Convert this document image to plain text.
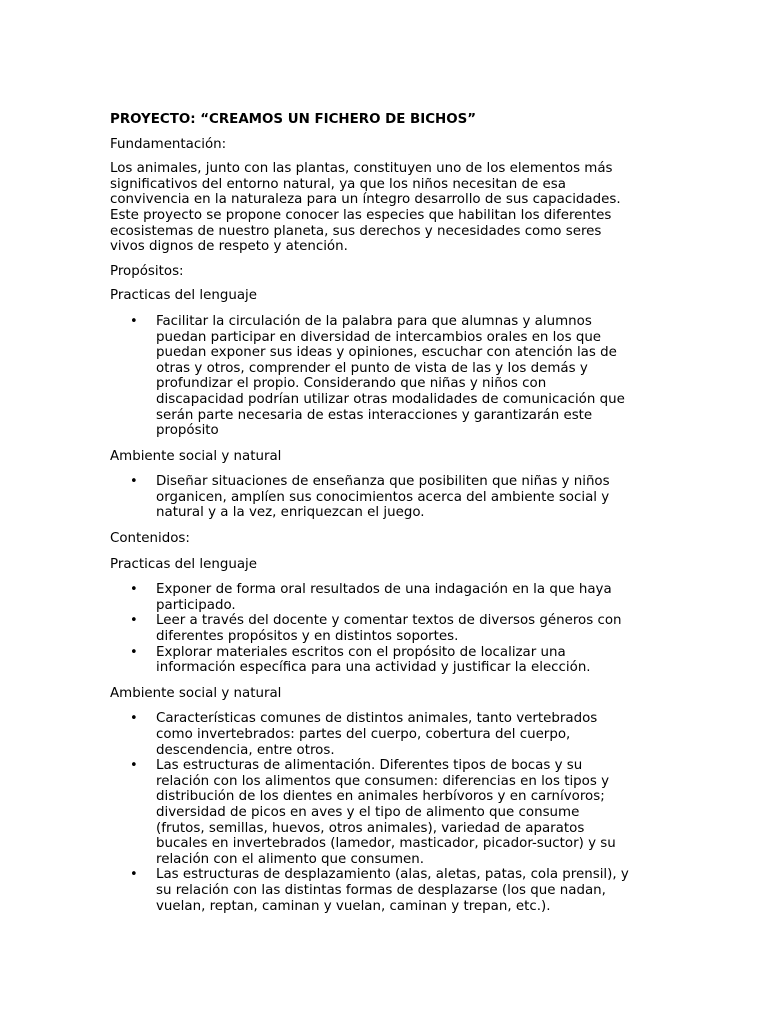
PROYECTO: “CREAMOS UN FICHERO DE BICHOS”
Fundamentación:
Los animales, junto con las plantas, constituyen uno de los elementos más
significativos del entorno natural, ya que los niños necesitan de esa
convivencia en la naturaleza para un íntegro desarrollo de sus capacidades.
Este proyecto se propone conocer las especies que habilitan los diferentes
ecosistemas de nuestro planeta, sus derechos y necesidades como seres
vivos dignos de respeto y atención.
Propósitos:
Practicas del lenguaje
• Facilitar la circulación de la palabra para que alumnas y alumnos
puedan participar en diversidad de intercambios orales en los que
puedan exponer sus ideas y opiniones, escuchar con atención las de
otras y otros, comprender el punto de vista de las y los demás y
profundizar el propio. Considerando que niñas y niños con
discapacidad podrían utilizar otras modalidades de comunicación que
serán parte necesaria de estas interacciones y garantizarán este
propósito
Ambiente social y natural
• Diseñar situaciones de enseñanza que posibiliten que niñas y niños
organicen, amplíen sus conocimientos acerca del ambiente social y
natural y a la vez, enriquezcan el juego.
Contenidos:
Practicas del lenguaje
• Exponer de forma oral resultados de una indagación en la que haya
participado.
• Leer a través del docente y comentar textos de diversos géneros con
diferentes propósitos y en distintos soportes.
• Explorar materiales escritos con el propósito de localizar una
información específica para una actividad y justificar la elección.
Ambiente social y natural
• Características comunes de distintos animales, tanto vertebrados
como invertebrados: partes del cuerpo, cobertura del cuerpo,
descendencia, entre otros.
• Las estructuras de alimentación. Diferentes tipos de bocas y su
relación con los alimentos que consumen: diferencias en los tipos y
distribución de los dientes en animales herbívoros y en carnívoros;
diversidad de picos en aves y el tipo de alimento que consume
(frutos, semillas, huevos, otros animales), variedad de aparatos
bucales en invertebrados (lamedor, masticador, picador-suctor) y su
relación con el alimento que consumen.
• Las estructuras de desplazamiento (alas, aletas, patas, cola prensil), y
su relación con las distintas formas de desplazarse (los que nadan,
vuelan, reptan, caminan y vuelan, caminan y trepan, etc.).
